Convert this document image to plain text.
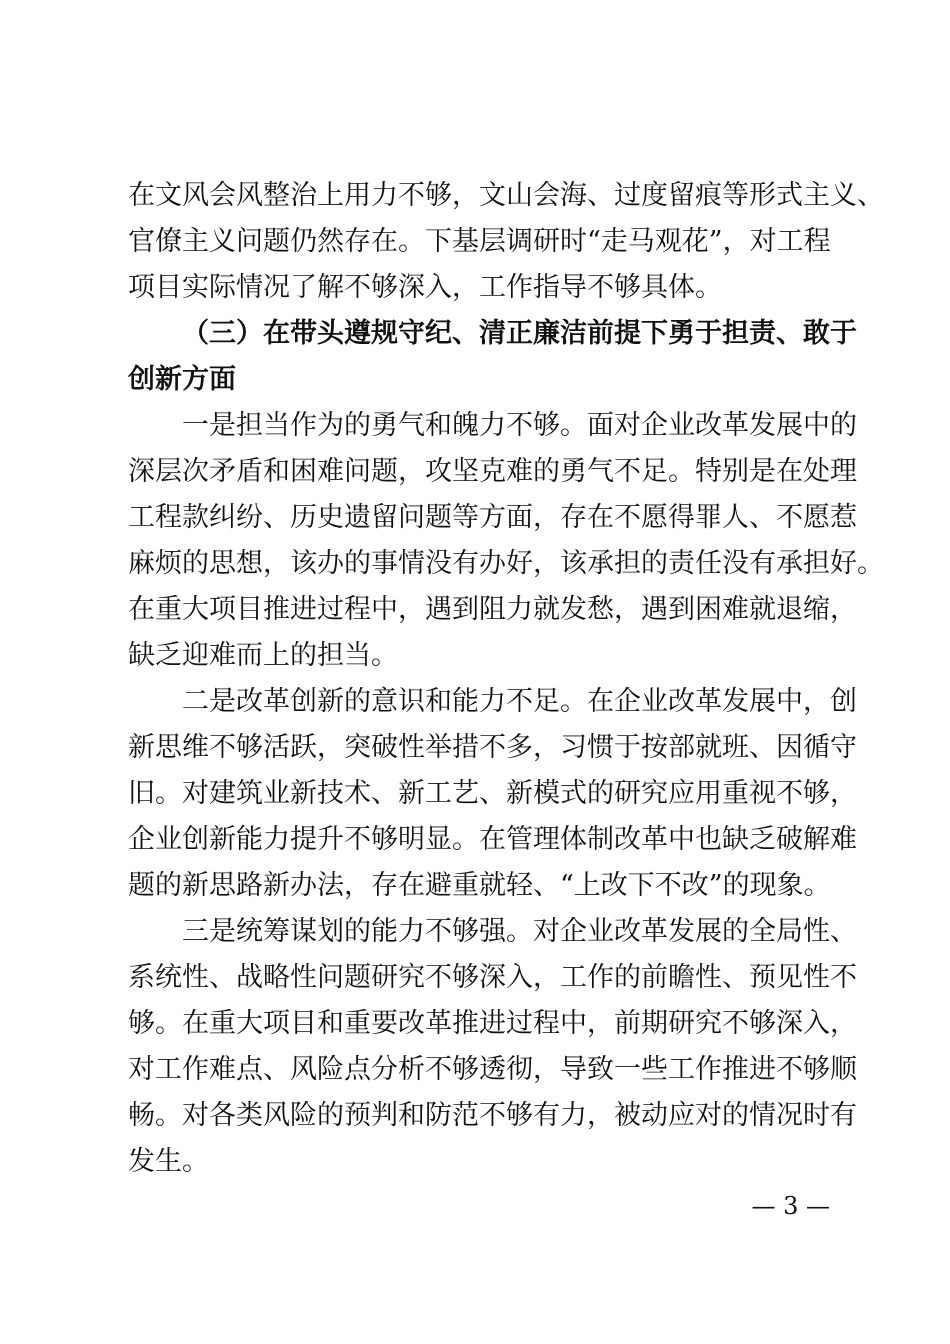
在文风会风整治上用力不够，文山会海、过度留痕等形式主义、
官僚主义问题仍然存在。下基层调研时“走马观花”，对工程
项目实际情况了解不够深入，工作指导不够具体。
（三）在带头遵规守纪、清正廉洁前提下勇于担责、敢于
创新方面
一是担当作为的勇气和魄力不够。面对企业改革发展中的
深层次矛盾和困难问题，攻坚克难的勇气不足。特别是在处理
工程款纠纷、历史遗留问题等方面，存在不愿得罪人、不愿惹
麻烦的思想，该办的事情没有办好，该承担的责任没有承担好。
在重大项目推进过程中，遇到阻力就发愁，遇到困难就退缩，
缺乏迎难而上的担当。
二是改革创新的意识和能力不足。在企业改革发展中，创
新思维不够活跃，突破性举措不多，习惯于按部就班、因循守
旧。对建筑业新技术、新工艺、新模式的研究应用重视不够，
企业创新能力提升不够明显。在管理体制改革中也缺乏破解难
题的新思路新办法，存在避重就轻、“上改下不改”的现象。
三是统筹谋划的能力不够强。对企业改革发展的全局性、
系统性、战略性问题研究不够深入，工作的前瞻性、预见性不
够。在重大项目和重要改革推进过程中，前期研究不够深入，
对工作难点、风险点分析不够透彻，导致一些工作推进不够顺
畅。对各类风险的预判和防范不够有力，被动应对的情况时有
发生。
— 3 —
